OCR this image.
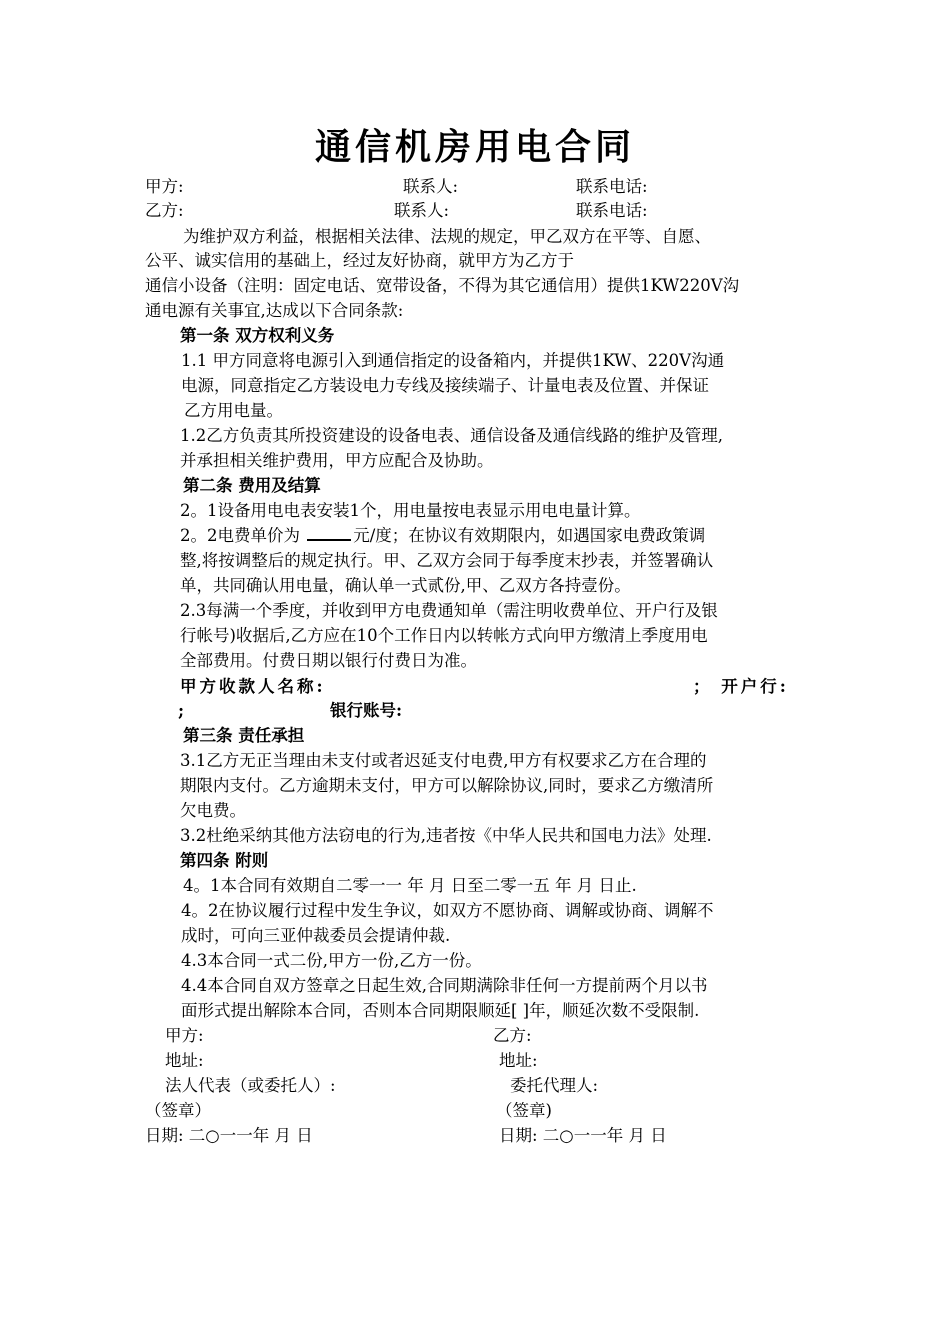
通信机房用电合同
甲方:	联系人:	联系电话:
乙方:	联系人:	联系电话:
为维护双方利益，根据相关法律、法规的规定，甲乙双方在平等、自愿、
公平、诚实信用的基础上，经过友好协商，就甲方为乙方于
通信小设备（注明：固定电话、宽带设备，不得为其它通信用）提供1KW220V沟
通电源有关事宜,达成以下合同条款:
第一条 双方权利义务
1.1 甲方同意将电源引入到通信指定的设备箱内，并提供1KW、220V沟通
电源，同意指定乙方装设电力专线及接续端子、计量电表及位置、并保证
乙方用电量。
1.2乙方负责其所投资建设的设备电表、通信设备及通信线路的维护及管理,
并承担相关维护费用，甲方应配合及协助。
第二条 费用及结算
2。1设备用电电表安装1个，用电量按电表显示用电电量计算。
2。2电费单价为	元/度；在协议有效期限内，如遇国家电费政策调
整,将按调整后的规定执行。甲、乙双方会同于每季度末抄表，并签署确认
单，共同确认用电量，确认单一式贰份,甲、乙双方各持壹份。
2.3每满一个季度，并收到甲方电费通知单（需注明收费单位、开户行及银
行帐号)收据后,乙方应在10个工作日内以转帐方式向甲方缴清上季度用电
全部费用。付费日期以银行付费日为准。
甲方收款人名称:	； 开户行:
;	银行账号:
第三条 责任承担
3.1乙方无正当理由未支付或者迟延支付电费,甲方有权要求乙方在合理的
期限内支付。乙方逾期未支付，甲方可以解除协议,同时，要求乙方缴清所
欠电费。
3.2杜绝采纳其他方法窃电的行为,违者按《中华人民共和国电力法》处理.
第四条 附则
4。1本合同有效期自二零一一 年 月 日至二零一五 年 月 日止.
4。2在协议履行过程中发生争议，如双方不愿协商、调解或协商、调解不
成时，可向三亚仲裁委员会提请仲裁.
4.3本合同一式二份,甲方一份,乙方一份。
4.4本合同自双方签章之日起生效,合同期满除非任何一方提前两个月以书
面形式提出解除本合同，否则本合同期限顺延[ ]年，顺延次数不受限制.
甲方:	乙方:
地址:	地址:
法人代表（或委托人）:	委托代理人:
（签章）	（签章)
日期: 二○一一年 月 日	日期: 二○一一年 月 日
